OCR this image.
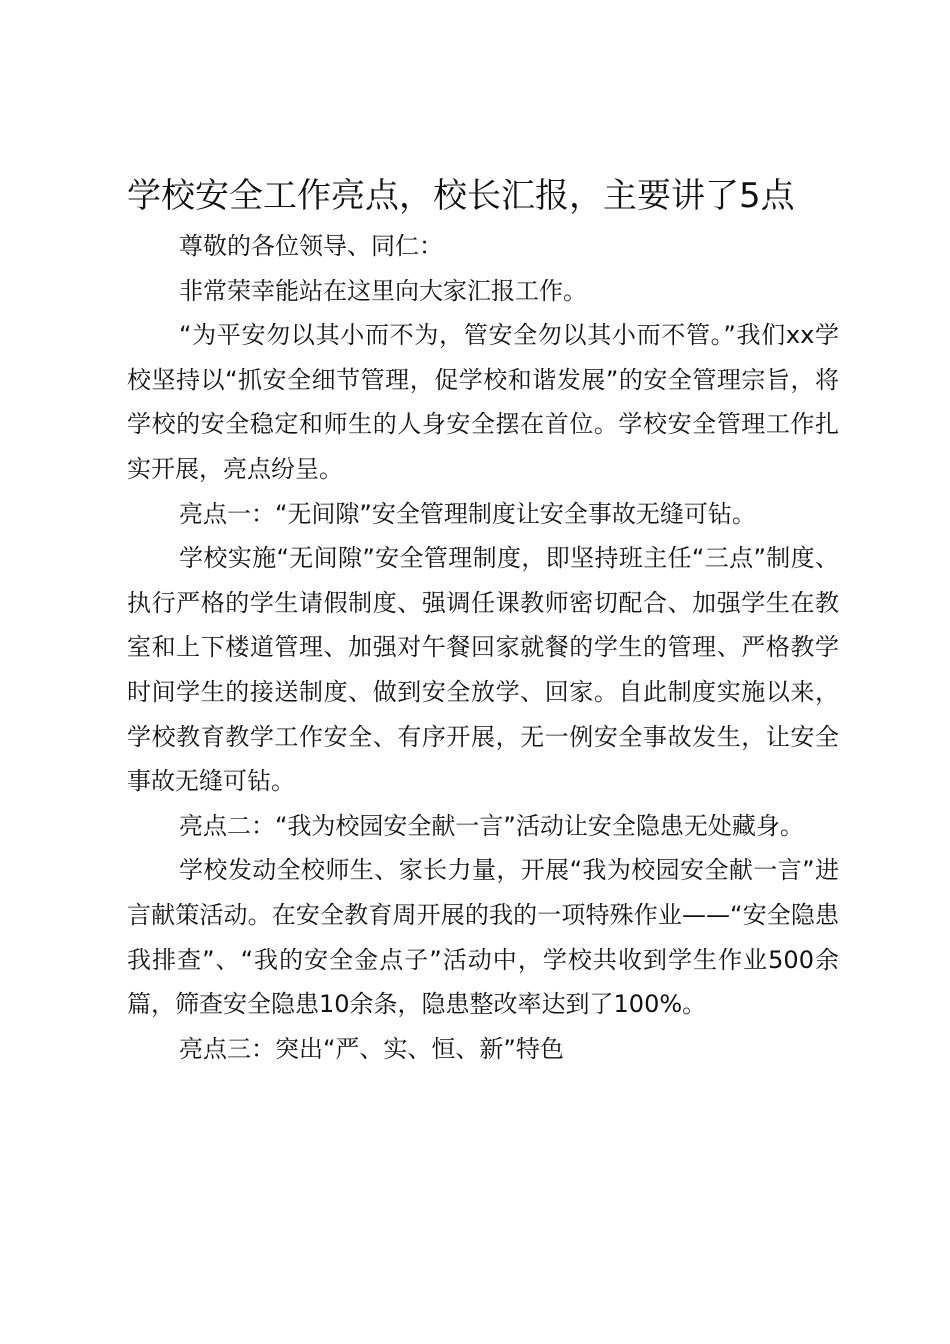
学校安全工作亮点，校长汇报，主要讲了5点

尊敬的各位领导、同仁：

非常荣幸能站在这里向大家汇报工作。

“为平安勿以其小而不为，管安全勿以其小而不管。”我们xx学校坚持以“抓安全细节管理，促学校和谐发展”的安全管理宗旨，将学校的安全稳定和师生的人身安全摆在首位。学校安全管理工作扎实开展，亮点纷呈。

亮点一：“无间隙”安全管理制度让安全事故无缝可钻。

学校实施“无间隙”安全管理制度，即坚持班主任“三点”制度、执行严格的学生请假制度、强调任课教师密切配合、加强学生在教室和上下楼道管理、加强对午餐回家就餐的学生的管理、严格教学时间学生的接送制度、做到安全放学、回家。自此制度实施以来，学校教育教学工作安全、有序开展，无一例安全事故发生，让安全事故无缝可钻。

亮点二：“我为校园安全献一言”活动让安全隐患无处藏身。

学校发动全校师生、家长力量，开展“我为校园安全献一言”进言献策活动。在安全教育周开展的我的一项特殊作业——“安全隐患我排查”、“我的安全金点子”活动中，学校共收到学生作业500余篇，筛查安全隐患10余条，隐患整改率达到了100%。

亮点三：突出“严、实、恒、新”特色
